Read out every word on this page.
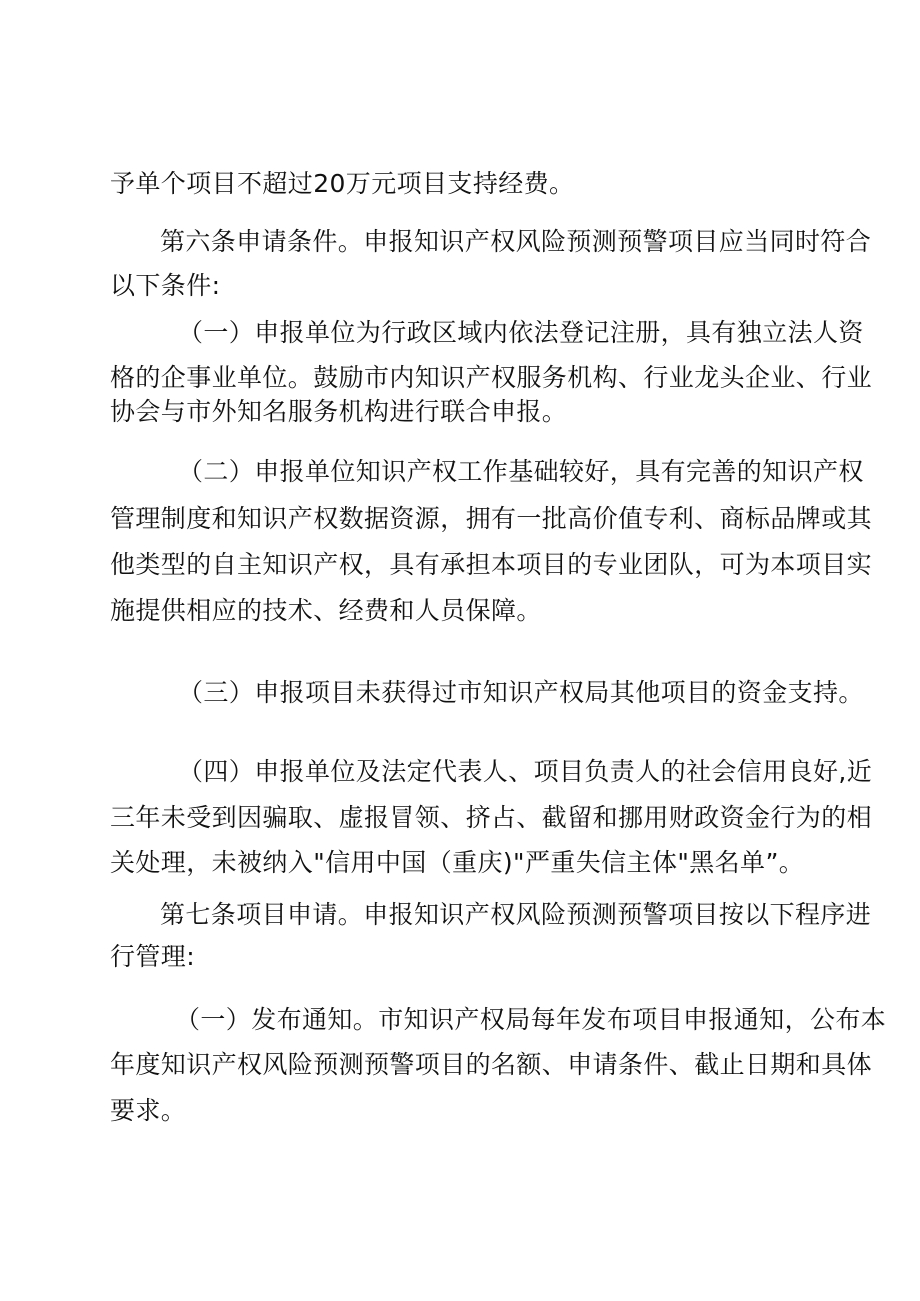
予单个项目不超过20万元项目支持经费。
第六条申请条件。申报知识产权风险预测预警项目应当同时符合
以下条件:
（一）申报单位为行政区域内依法登记注册，具有独立法人资
格的企事业单位。鼓励市内知识产权服务机构、行业龙头企业、行业
协会与市外知名服务机构进行联合申报。
（二）申报单位知识产权工作基础较好，具有完善的知识产权
管理制度和知识产权数据资源，拥有一批高价值专利、商标品牌或其
他类型的自主知识产权，具有承担本项目的专业团队，可为本项目实
施提供相应的技术、经费和人员保障。
（三）申报项目未获得过市知识产权局其他项目的资金支持。
（四）申报单位及法定代表人、项目负责人的社会信用良好,近
三年未受到因骗取、虚报冒领、挤占、截留和挪用财政资金行为的相
关处理，未被纳入"信用中国（重庆)"严重失信主体"黑名单”。
第七条项目申请。申报知识产权风险预测预警项目按以下程序进
行管理:
（一）发布通知。市知识产权局每年发布项目申报通知，公布本
年度知识产权风险预测预警项目的名额、申请条件、截止日期和具体
要求。
